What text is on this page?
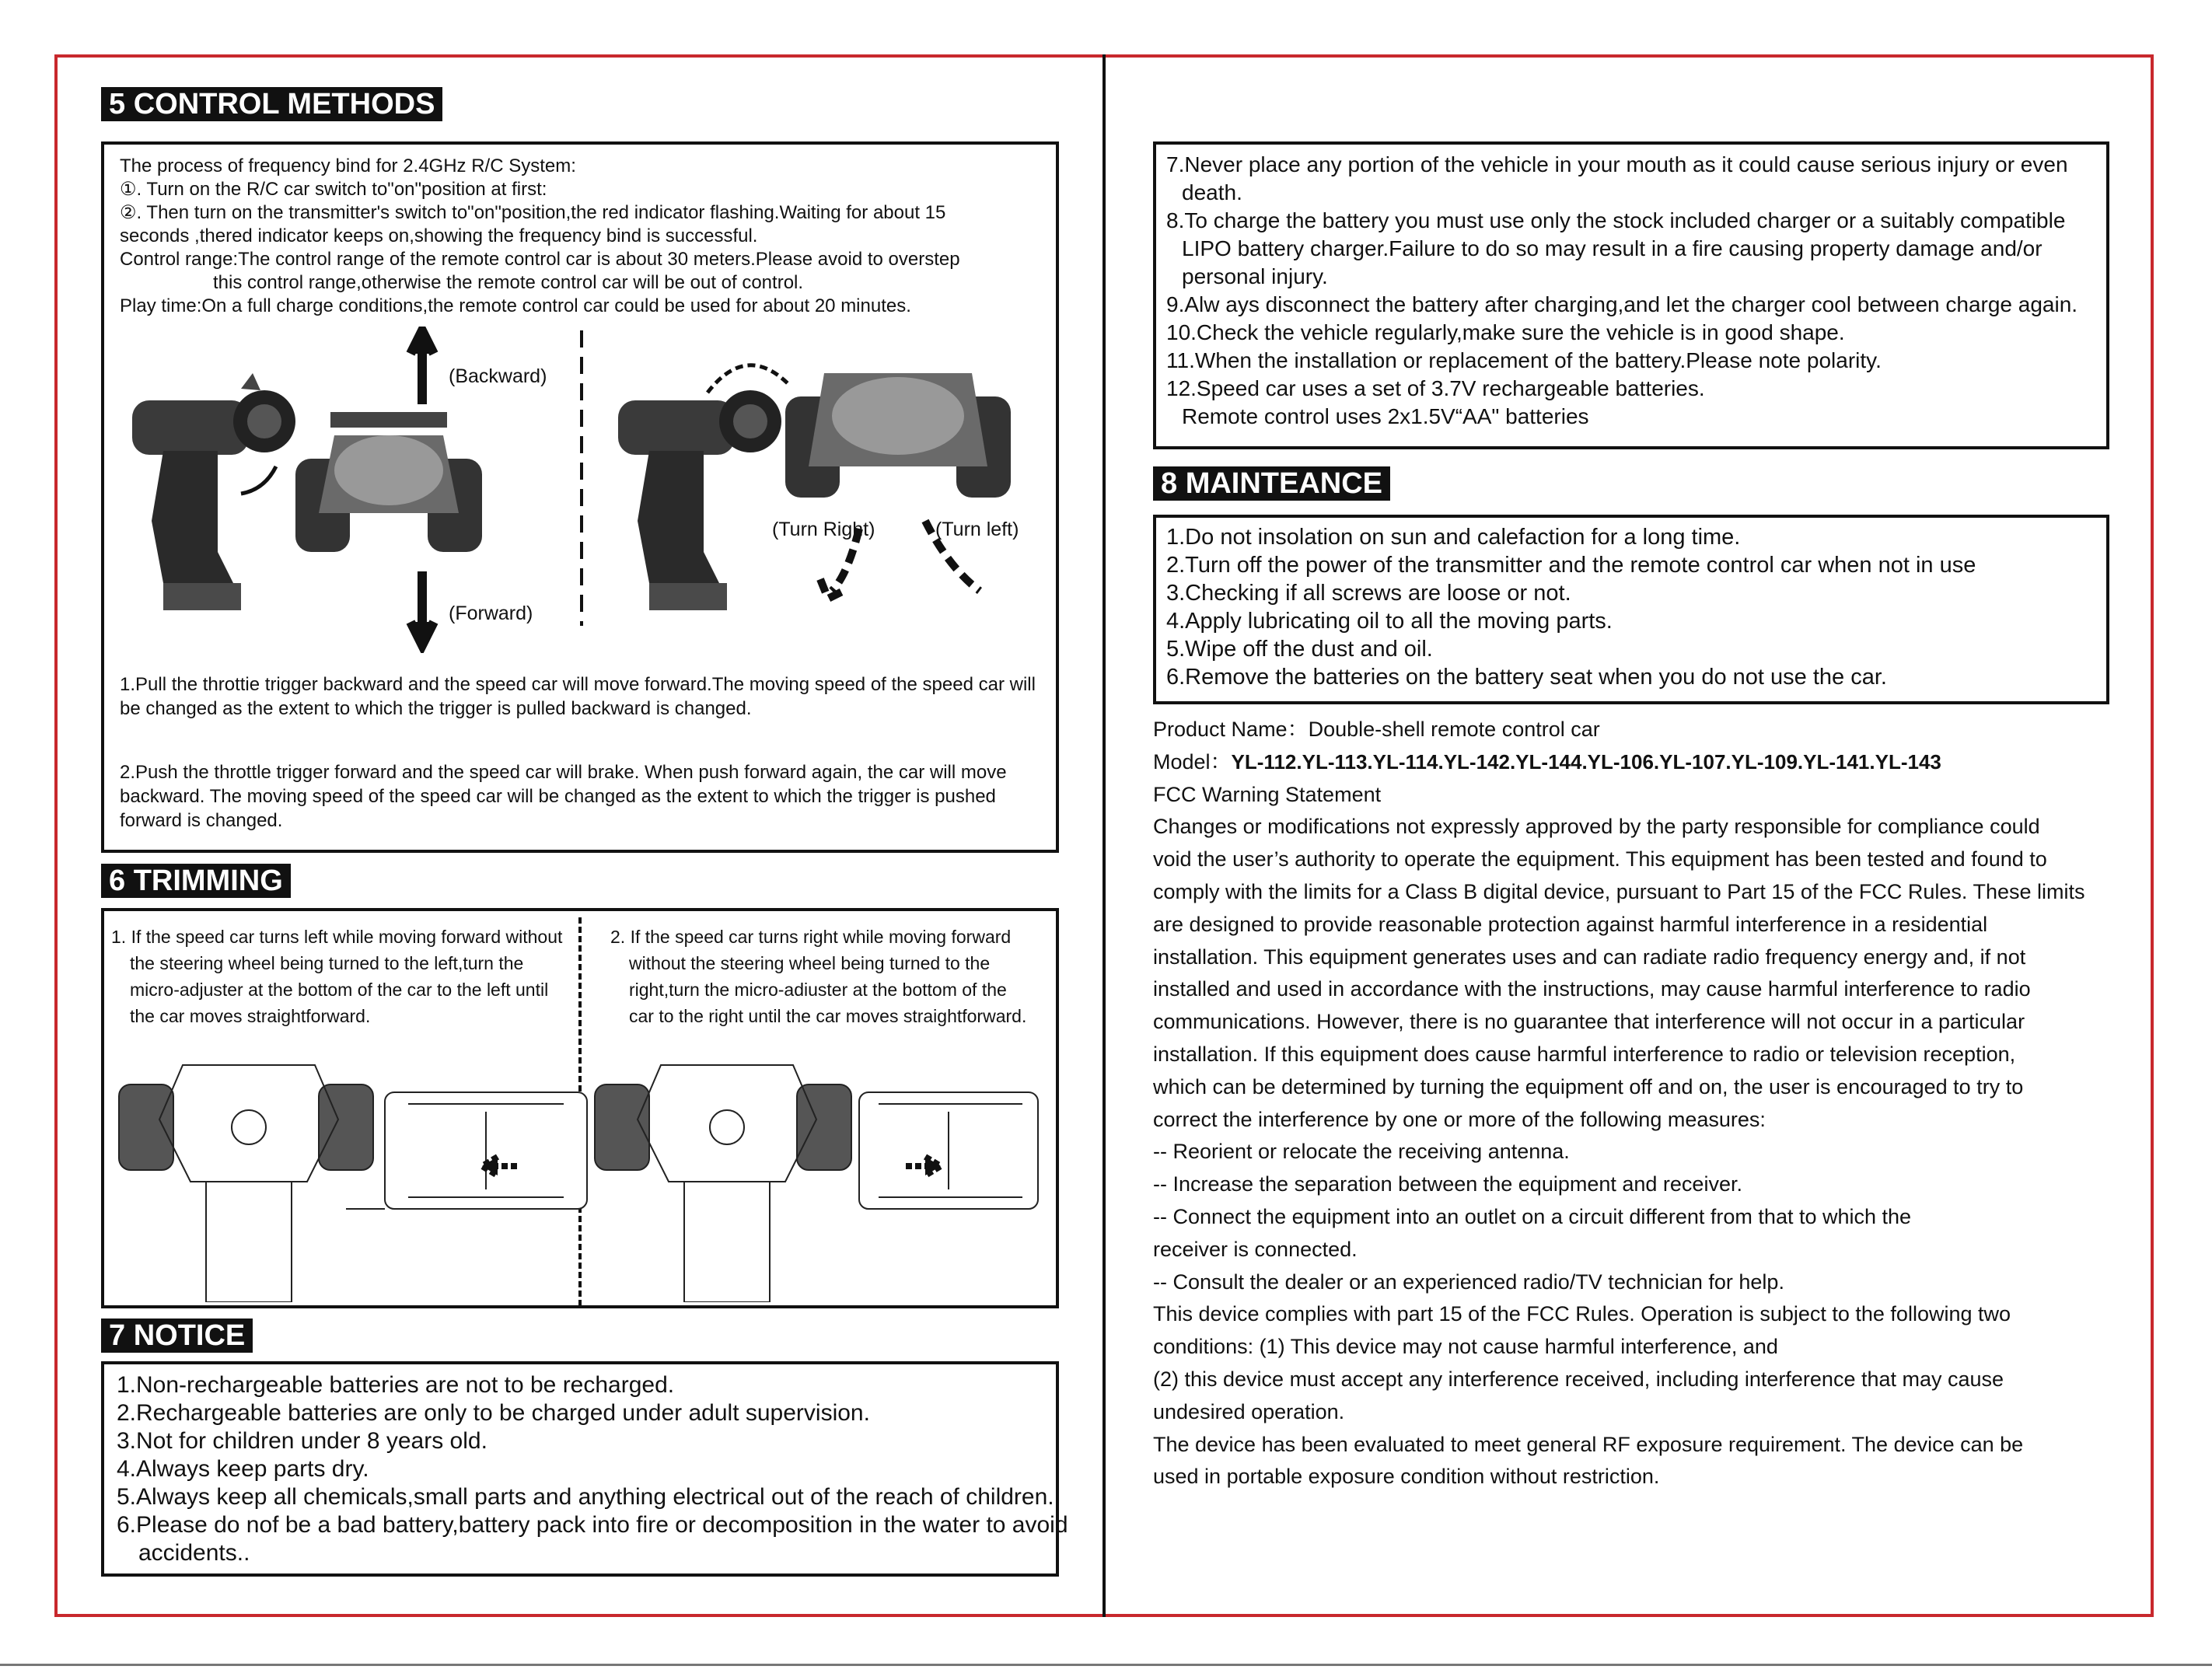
5 CONTROL METHODS
The process of frequency bind for 2.4GHz R/C System:
①. Turn on the R/C car switch to"on"position at first:
②. Then turn on the transmitter's switch to"on"position,the red indicator flashing.Waiting for about 15
seconds ,thered indicator keeps on,showing the frequency bind is successful.
Control range:The control range of the remote control car is about 30 meters.Please avoid to overstep
this control range,otherwise the remote control car will be out of control.
Play time:On a full charge conditions,the remote control car could be used for about 20 minutes.
(Backward)
(Forward)
(Turn Right)	(Turn left)
1.Pull the throttie trigger backward and the speed car will move forward.The moving speed of the speed car will be changed as the extent to which the trigger is pulled backward is changed.
2.Push the throttle trigger forward and the speed car will brake. When push forward again, the car will move backward. The moving speed of the speed car will be changed as the extent to which the trigger is pushed forward is changed.
6 TRIMMING
1. If the speed car turns left while moving forward without
the steering wheel being turned to the left,turn the
micro-adjuster at the bottom of the car to the left until
the car moves straightforward.
2. If the speed car turns right while moving forward
without the steering wheel being turned to the
right,turn the micro-adiuster at the bottom of the
car to the right until the car moves straightforward.
7 NOTICE
1.Non-rechargeable batteries are not to be recharged.
2.Rechargeable batteries are only to be charged under adult supervision.
3.Not for children under 8 years old.
4.Always keep parts dry.
5.Always keep all chemicals,small parts and anything electrical out of the reach of children.
6.Please do nof be a bad battery,battery pack into fire or decomposition in the water to avoid
accidents..
7.Never place any portion of the vehicle in your mouth as it could cause serious injury or even
death.
8.To charge the battery you must use only the stock included charger or a suitably compatible
LIPO battery charger.Failure to do so may result in a fire causing property damage and/or
personal injury.
9.Alw ays disconnect the battery after charging,and let the charger cool between charge again.
10.Check the vehicle regularly,make sure the vehicle is in good shape.
11.When the installation or replacement of the battery.Please note polarity.
12.Speed car uses a set of 3.7V rechargeable batteries.
Remote control uses 2x1.5V“AA" batteries
8 MAINTEANCE
1.Do not insolation on sun and calefaction for a long time.
2.Turn off the power of the transmitter and the remote control car when not in use
3.Checking if all screws are loose or not.
4.Apply lubricating oil to all the moving parts.
5.Wipe off the dust and oil.
6.Remove the batteries on the battery seat when you do not use the car.
Product Name：Double-shell remote control car
Model：YL-112.YL-113.YL-114.YL-142.YL-144.YL-106.YL-107.YL-109.YL-141.YL-143
FCC Warning Statement
Changes or modifications not expressly approved by the party responsible for compliance could
void the user’s authority to operate the equipment. This equipment has been tested and found to
comply with the limits for a Class B digital device, pursuant to Part 15 of the FCC Rules. These limits
are designed to provide reasonable protection against harmful interference in a residential
installation. This equipment generates uses and can radiate radio frequency energy and, if not
installed and used in accordance with the instructions, may cause harmful interference to radio
communications. However, there is no guarantee that interference will not occur in a particular
installation. If this equipment does cause harmful interference to radio or television reception,
which can be determined by turning the equipment off and on, the user is encouraged to try to
correct the interference by one or more of the following measures:
-- Reorient or relocate the receiving antenna.
-- Increase the separation between the equipment and receiver.
-- Connect the equipment into an outlet on a circuit different from that to which the
receiver is connected.
-- Consult the dealer or an experienced radio/TV technician for help.
This device complies with part 15 of the FCC Rules. Operation is subject to the following two
conditions: (1) This device may not cause harmful interference, and
(2) this device must accept any interference received, including interference that may cause
undesired operation.
The device has been evaluated to meet general RF exposure requirement. The device can be
used in portable exposure condition without restriction.
